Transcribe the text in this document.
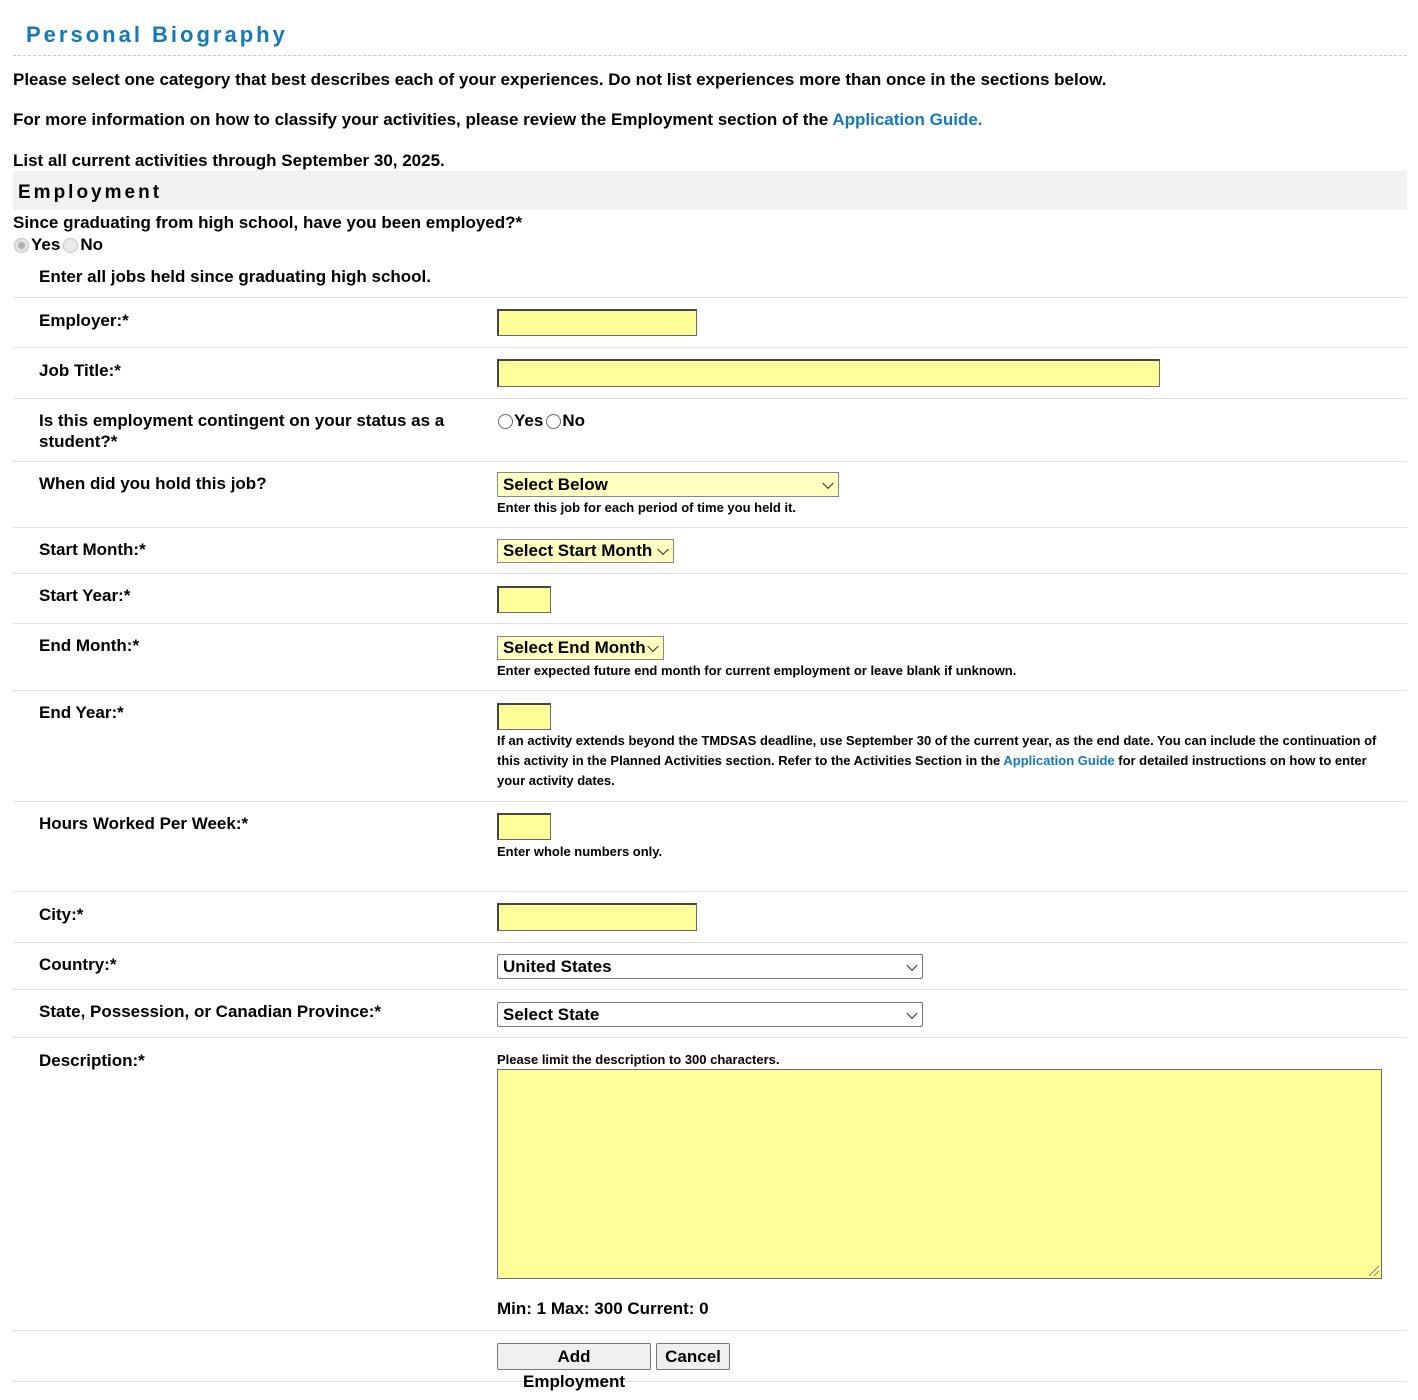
Personal Biography

Please select one category that best describes each of your experiences. Do not list experiences more than once in the sections below.

For more information on how to classify your activities, please review the Employment section of the Application Guide.

List all current activities through September 30, 2025.

Employment
Since graduating from high school, have you been employed?*
Yes No
Enter all jobs held since graduating high school.
Employer:*
Job Title:*
Is this employment contingent on your status as a student?*
Yes No
When did you hold this job?	Select Below
Enter this job for each period of time you held it.
Start Month:*	Select Start Month
Start Year:*
End Month:*	Select End Month
Enter expected future end month for current employment or leave blank if unknown.
End Year:*
If an activity extends beyond the TMDSAS deadline, use September 30 of the current year, as the end date. You can include the continuation of this activity in the Planned Activities section. Refer to the Activities Section in the Application Guide for detailed instructions on how to enter your activity dates.
Hours Worked Per Week:*
Enter whole numbers only.
City:*
Country:*	United States
State, Possession, or Canadian Province:*	Select State
Description:*	Please limit the description to 300 characters.
Min: 1 Max: 300 Current: 0
Add Employment
Cancel
